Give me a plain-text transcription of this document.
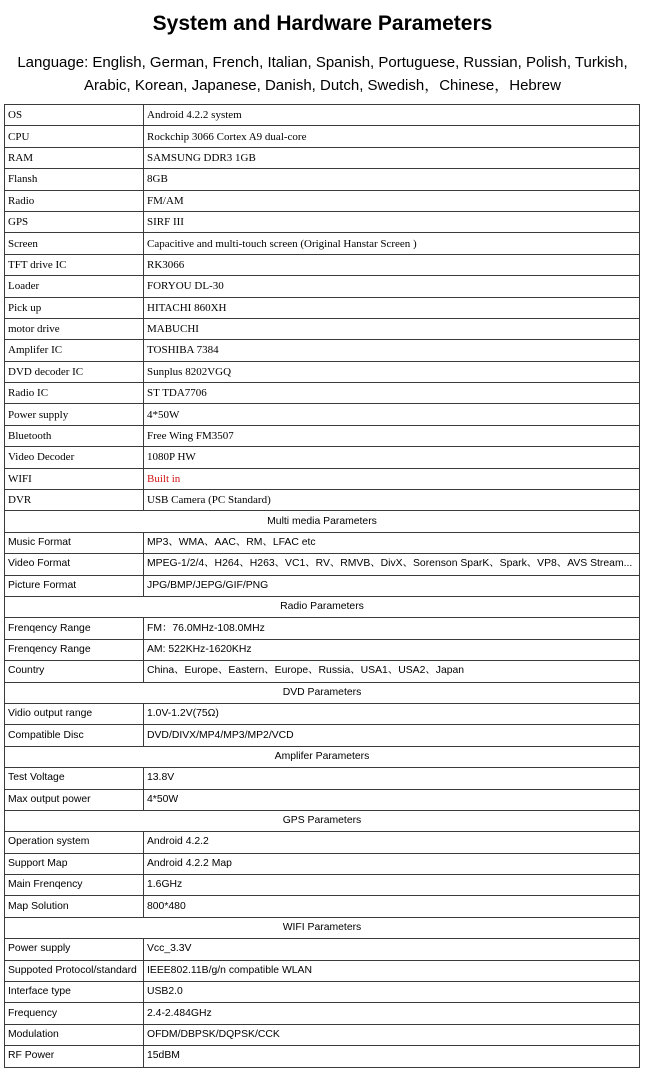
System and Hardware Parameters
Language: English, German, French, Italian, Spanish, Portuguese, Russian, Polish, Turkish,
Arabic, Korean, Japanese, Danish, Dutch, Swedish，Chinese，Hebrew
OS	Android 4.2.2 system
CPU	Rockchip 3066 Cortex A9 dual-core
RAM	SAMSUNG DDR3 1GB
Flansh	8GB
Radio	FM/AM
GPS	SIRF III
Screen	Capacitive and multi-touch screen (Original Hanstar Screen )
TFT drive IC	RK3066
Loader	FORYOU DL-30
Pick up	HITACHI 860XH
motor drive	MABUCHI
Amplifer IC	TOSHIBA 7384
DVD decoder IC	Sunplus 8202VGQ
Radio IC	ST TDA7706
Power supply	4*50W
Bluetooth	Free Wing FM3507
Video Decoder	1080P HW
WIFI	Built in
DVR	USB Camera (PC Standard)
Multi media Parameters	
Music Format	MP3、WMA、AAC、RM、LFAC etc
Video Format	MPEG-1/2/4、H264、H263、VC1、RV、RMVB、DivX、Sorenson SparK、Spark、VP8、AVS Stream...
Picture Format	JPG/BMP/JEPG/GIF/PNG
Radio Parameters	
Frenqency Range	FM：76.0MHz-108.0MHz
Frenqency Range	AM: 522KHz-1620KHz
Country	China、Europe、Eastern、Europe、Russia、USA1、USA2、Japan
DVD Parameters	
Vidio output range	1.0V-1.2V(75Ω)
Compatible Disc	DVD/DIVX/MP4/MP3/MP2/VCD
Amplifer Parameters	
Test Voltage	13.8V
Max output power	4*50W
GPS Parameters	
Operation system	Android 4.2.2
Support Map	Android 4.2.2 Map
Main Frenqency	1.6GHz
Map Solution	800*480
WIFI Parameters	
Power supply	Vcc_3.3V
Suppoted Protocol/standard	IEEE802.11B/g/n compatible WLAN
Interface type	USB2.0
Frequency	2.4-2.484GHz
Modulation	OFDM/DBPSK/DQPSK/CCK
RF Power	15dBM
